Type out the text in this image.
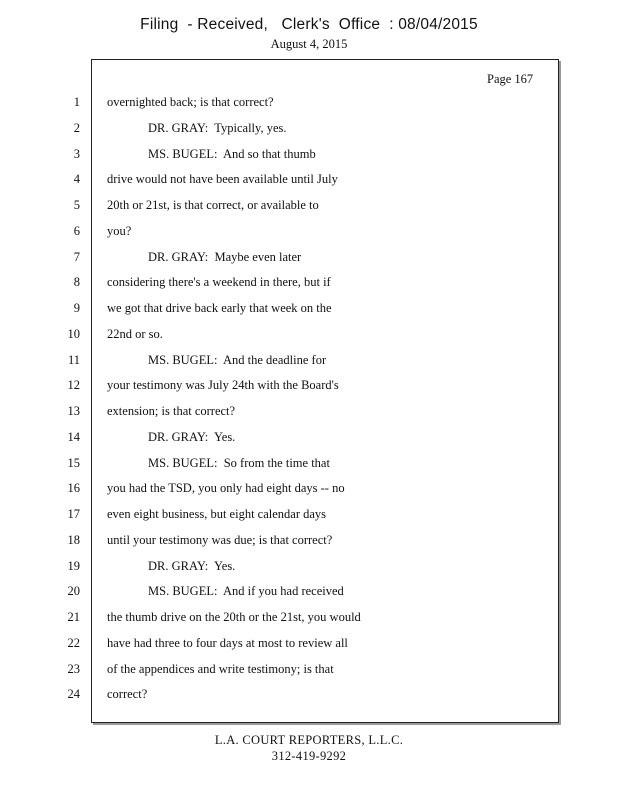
Filing  - Received,   Clerk's  Office  : 08/04/2015
August 4, 2015
Page 167
1 overnighted back; is that correct?
2	DR. GRAY:  Typically, yes.
3	MS. BUGEL:  And so that thumb
4 drive would not have been available until July
5 20th or 21st, is that correct, or available to
6 you?
7	DR. GRAY:  Maybe even later
8 considering there's a weekend in there, but if
9 we got that drive back early that week on the
10 22nd or so.
11	MS. BUGEL:  And the deadline for
12 your testimony was July 24th with the Board's
13 extension; is that correct?
14	DR. GRAY:  Yes.
15	MS. BUGEL:  So from the time that
16 you had the TSD, you only had eight days -- no
17 even eight business, but eight calendar days
18 until your testimony was due; is that correct?
19	DR. GRAY:  Yes.
20	MS. BUGEL:  And if you had received
21 the thumb drive on the 20th or the 21st, you would
22 have had three to four days at most to review all
23 of the appendices and write testimony; is that
24 correct?
L.A. COURT REPORTERS, L.L.C.
312-419-9292
